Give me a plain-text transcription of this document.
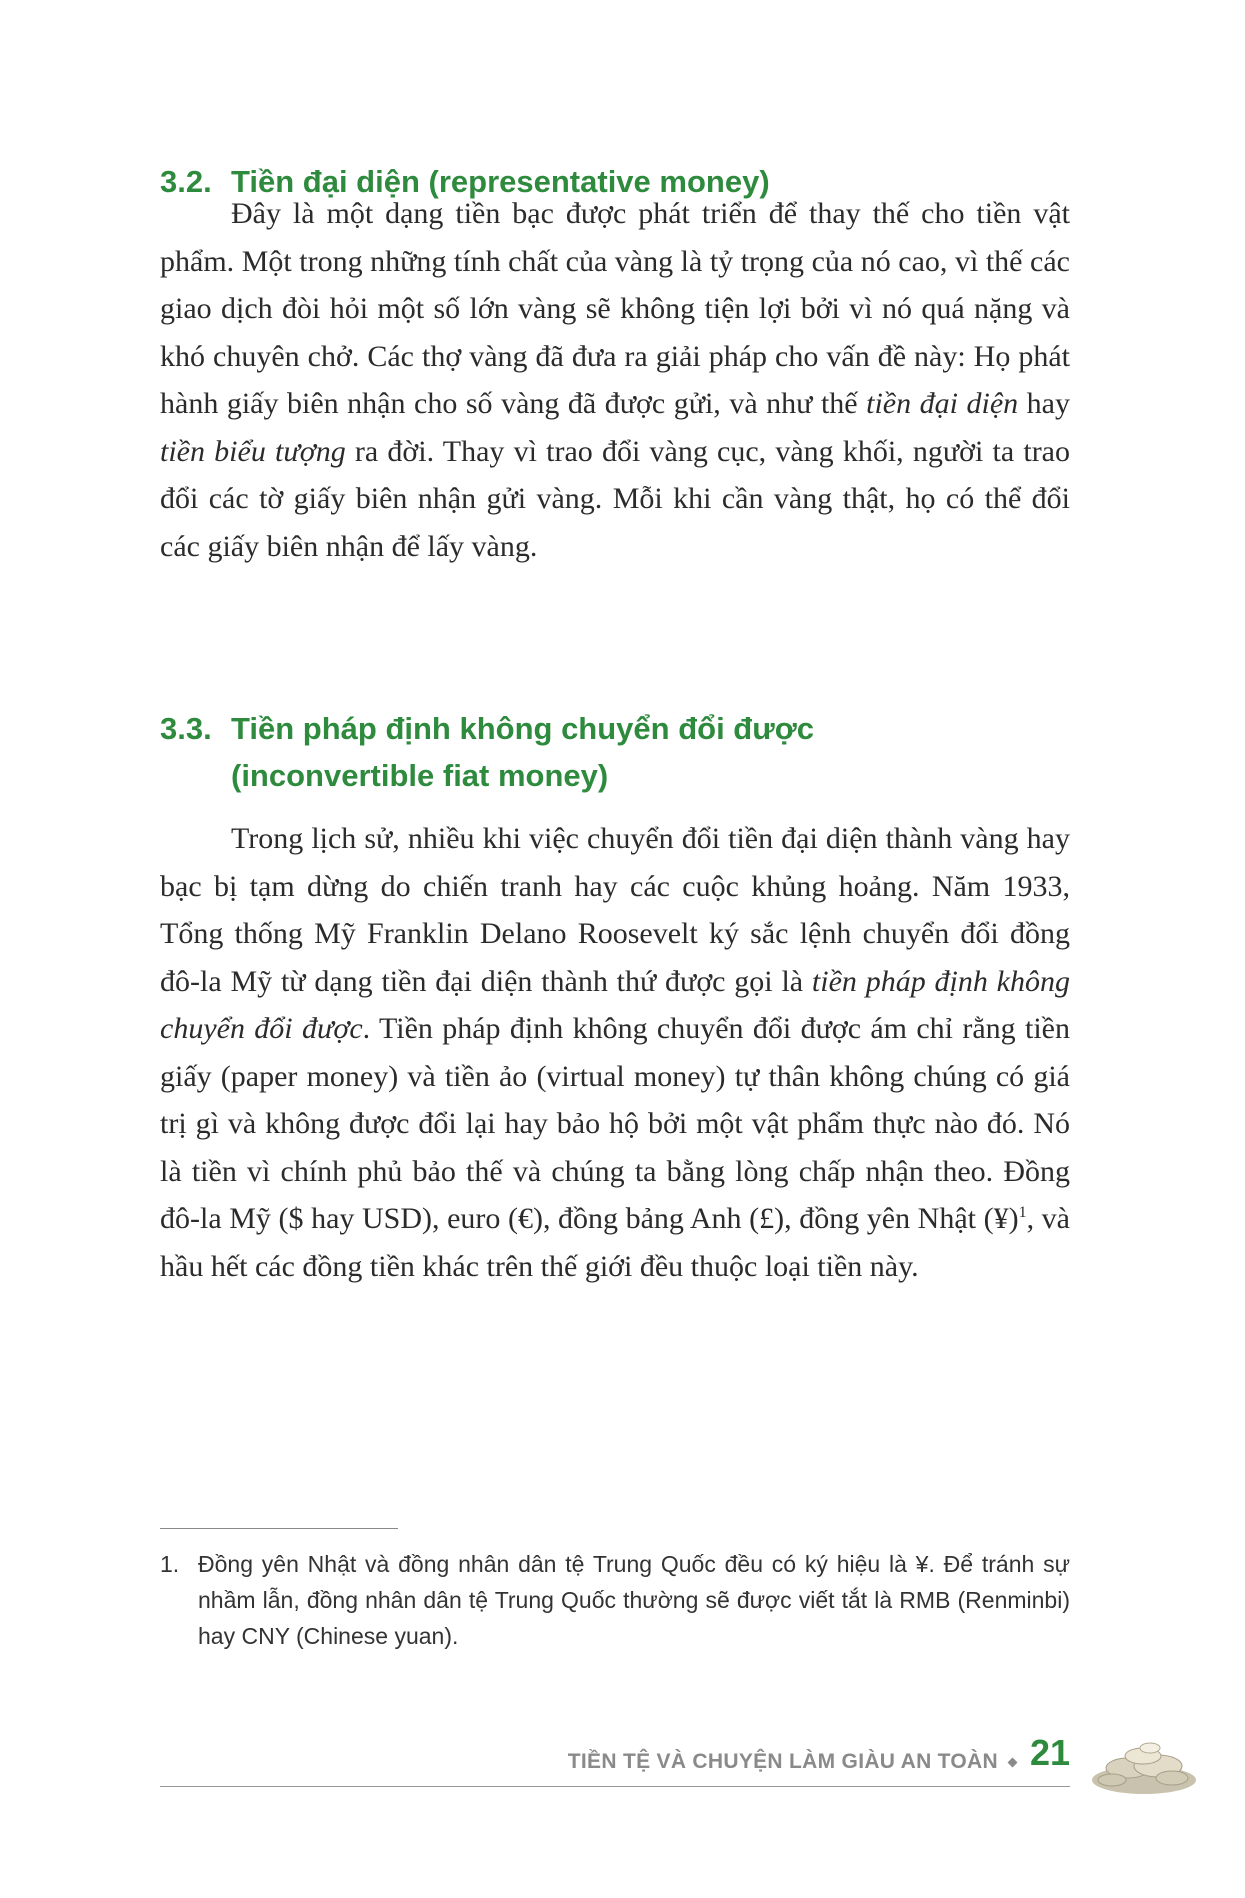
3.2. Tiền đại diện (representative money)

Đây là một dạng tiền bạc được phát triển để thay thế cho tiền vật phẩm. Một trong những tính chất của vàng là tỷ trọng của nó cao, vì thế các giao dịch đòi hỏi một số lớn vàng sẽ không tiện lợi bởi vì nó quá nặng và khó chuyên chở. Các thợ vàng đã đưa ra giải pháp cho vấn đề này: Họ phát hành giấy biên nhận cho số vàng đã được gửi, và như thế tiền đại diện hay tiền biểu tượng ra đời. Thay vì trao đổi vàng cục, vàng khối, người ta trao đổi các tờ giấy biên nhận gửi vàng. Mỗi khi cần vàng thật, họ có thể đổi các giấy biên nhận để lấy vàng.

3.3. Tiền pháp định không chuyển đổi được
(inconvertible fiat money)

Trong lịch sử, nhiều khi việc chuyển đổi tiền đại diện thành vàng hay bạc bị tạm dừng do chiến tranh hay các cuộc khủng hoảng. Năm 1933, Tổng thống Mỹ Franklin Delano Roosevelt ký sắc lệnh chuyển đổi đồng đô-la Mỹ từ dạng tiền đại diện thành thứ được gọi là tiền pháp định không chuyển đổi được. Tiền pháp định không chuyển đổi được ám chỉ rằng tiền giấy (paper money) và tiền ảo (virtual money) tự thân không chúng có giá trị gì và không được đổi lại hay bảo hộ bởi một vật phẩm thực nào đó. Nó là tiền vì chính phủ bảo thế và chúng ta bằng lòng chấp nhận theo. Đồng đô-la Mỹ ($ hay USD), euro (€), đồng bảng Anh (£), đồng yên Nhật (¥)$^1$, và hầu hết các đồng tiền khác trên thế giới đều thuộc loại tiền này.

1. Đồng yên Nhật và đồng nhân dân tệ Trung Quốc đều có ký hiệu là ¥. Để tránh sự nhầm lẫn, đồng nhân dân tệ Trung Quốc thường sẽ được viết tắt là RMB (Renminbi) hay CNY (Chinese yuan).
TIỀN TỆ VÀ CHUYỆN LÀM GIÀU AN TOÀN 21
